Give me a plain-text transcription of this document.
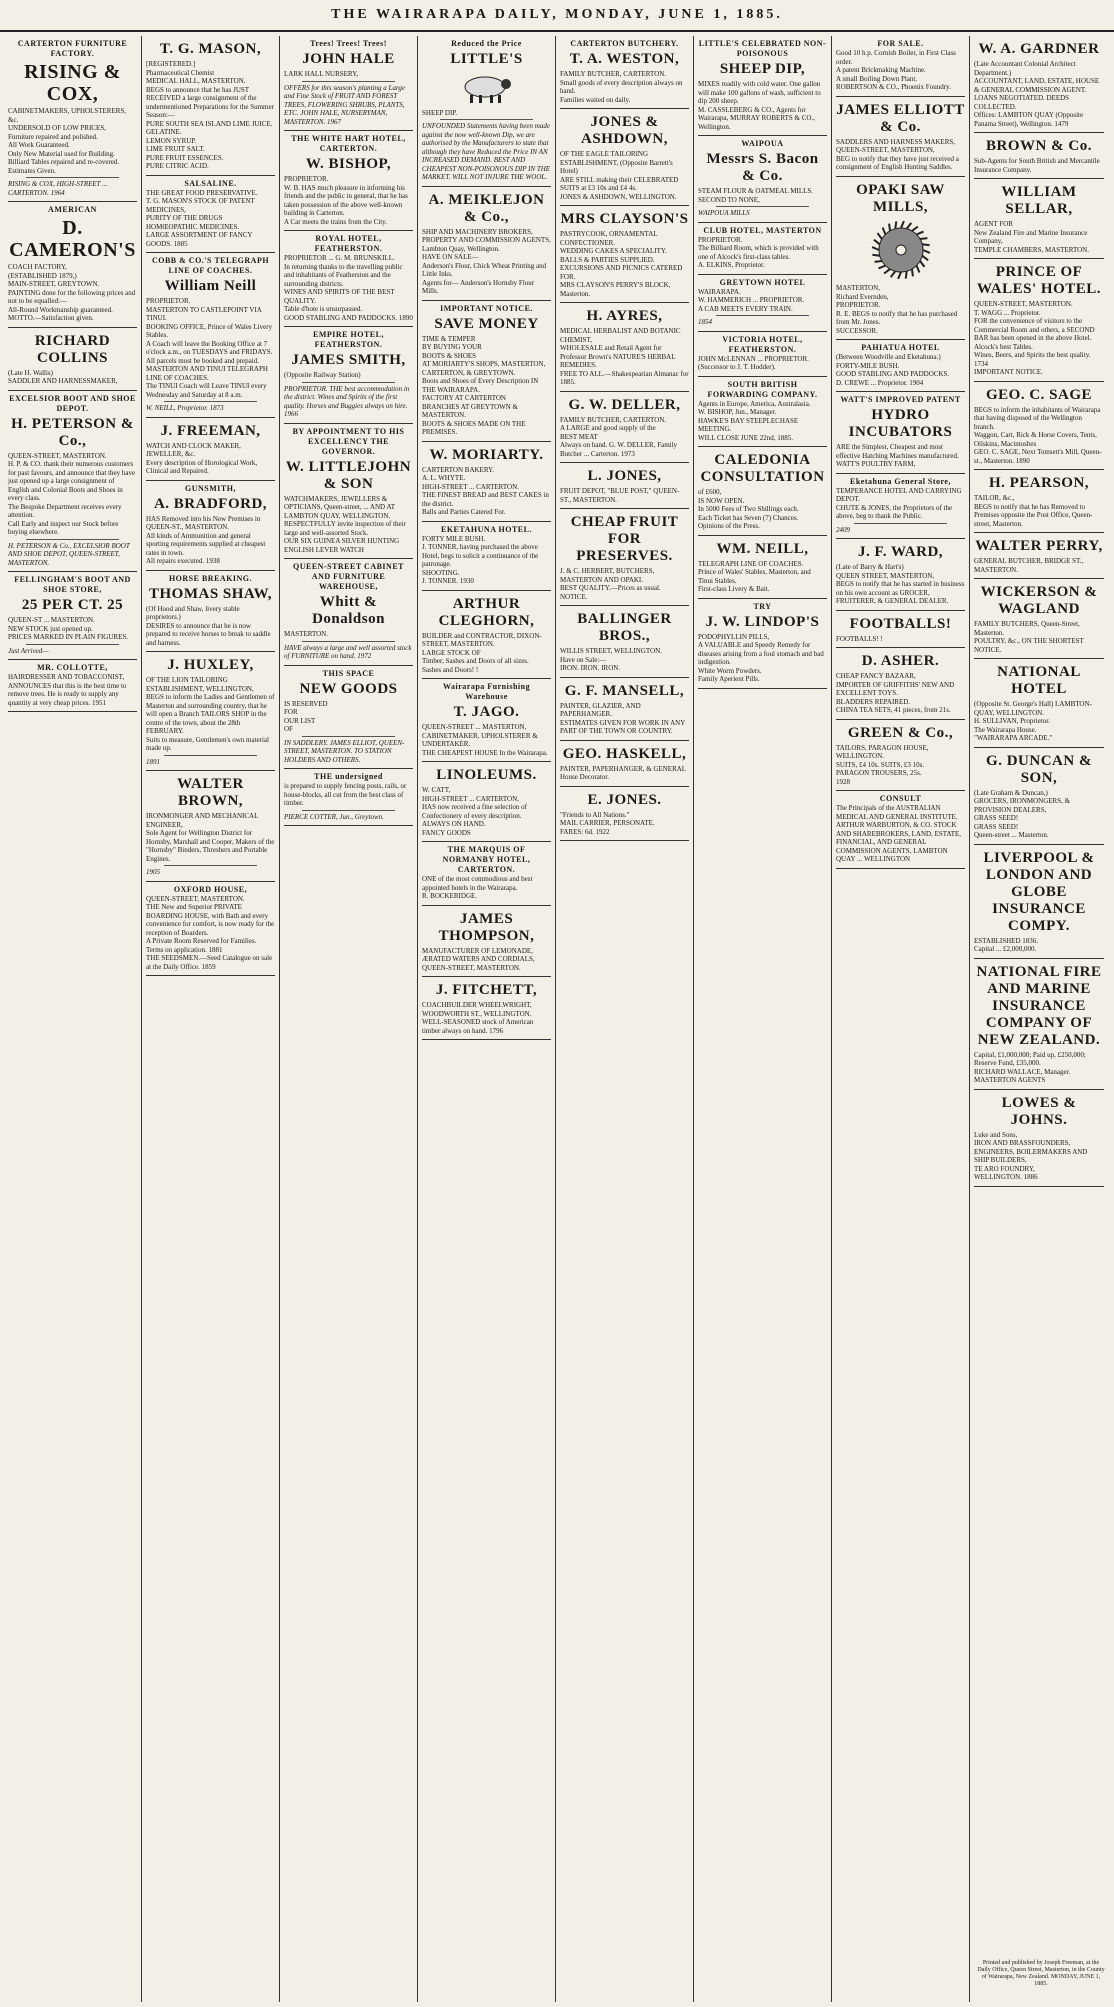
THE WAIRARAPA DAILY, MONDAY, JUNE 1, 1885.
CARTERTON FURNITURE FACTORY.
RISING & COX,
CABINETMAKERS, UPHOLSTERERS, &c.
UNDERSOLD OF LOW PRICES,
Furniture repaired and polished.
All Work Guaranteed.
Only New Material used for Building.
Billiard Tables repaired and re-covered.
Estimates Given.
RISING & COX, HIGH-STREET ... CARTERTON. 1964
AMERICAN
D. CAMERON'S
COACH FACTORY,
(ESTABLISHED 1879,)
MAIN-STREET, GREYTOWN.
PAINTING done for the following prices and not to be equalled:—
All-Round Workmanship guaranteed.
MOTTO.—Satisfaction given.
RICHARD COLLINS
(Late H. Wallis)
SADDLER AND HARNESSMAKER,
EXCELSIOR BOOT AND SHOE DEPOT.
H. PETERSON & Co.,
QUEEN-STREET, MASTERTON.
H. P. & CO. thank their numerous customers for past favours, and announce that they have just opened up a large consignment of English and Colonial Boots and Shoes in every class.
The Bespoke Department receives every attention.
Call Early and inspect our Stock before buying elsewhere.
H. PETERSON & Co., EXCELSIOR BOOT AND SHOE DEPOT, QUEEN-STREET, MASTERTON.
FELLINGHAM'S BOOT AND SHOE STORE,
25 PER CT. 25
QUEEN-ST ... MASTERTON.
NEW STOCK just opened up.
PRICES MARKED IN PLAIN FIGURES.
Just Arrived—
MR. COLLOTTE,
HAIRDRESSER AND TOBACCONIST,
ANNOUNCES that this is the best time to remove trees. He is ready to supply any quantity at very cheap prices. 1951
T. G. MASON,
[REGISTERED.]
Pharmaceutical Chemist
MEDICAL HALL, MASTERTON.
BEGS to announce that he has JUST RECEIVED a large consignment of the undermentioned Preparations for the Summer Season:—
PURE SOUTH SEA ISLAND LIME JUICE.
GELATINE.
LEMON SYRUP.
LIME FRUIT SALT.
PURE FRUIT ESSENCES.
PURE CITRIC ACID.
SALSALINE.
THE GREAT FOOD PRESERVATIVE.
T. G. MASON'S STOCK OF PATENT MEDICINES,
PURITY OF THE DRUGS
HOMŒOPATHIC MEDICINES.
LARGE ASSORTMENT OF FANCY GOODS. 1885
COBB & CO.'S TELEGRAPH LINE OF COACHES.
William Neill
PROPRIETOR.
MASTERTON TO CASTLEPOINT VIA TINUI.
BOOKING OFFICE, Prince of Wales Livery Stables.
A Coach will leave the Booking Office at 7 o'clock a.m., on TUESDAYS and FRIDAYS.
All parcels must be booked and prepaid.
MASTERTON AND TINUI TELEGRAPH LINE OF COACHES.
The TINUI Coach will Leave TINUI every Wednesday and Saturday at 8 a.m.
W. NEILL, Proprietor. 1873
J. FREEMAN,
WATCH AND CLOCK MAKER, JEWELLER, &c.
Every description of Horological Work, Clinical and Repaired.
GUNSMITH,
A. BRADFORD,
HAS Removed into his New Premises in QUEEN-ST., MASTERTON.
All kinds of Ammunition and general sporting requirements supplied at cheapest rates in town.
All repairs executed. 1938
HORSE BREAKING.
THOMAS SHAW,
(Of Hood and Shaw, livery stable proprietors.)
DESIRES to announce that he is now prepared to receive horses to break to saddle and harness.
J. HUXLEY,
OF THE LION TAILORING ESTABLISHMENT, WELLINGTON,
BEGS to inform the Ladies and Gentlemen of Masterton and surrounding country, that he will open a Branch TAILORS SHOP in the centre of the town, about the 28th FEBRUARY.
Suits to measure, Gentlemen's own material made up.
1891
WALTER BROWN,
IRONMONGER AND MECHANICAL ENGINEER,
Sole Agent for Wellington District for Hornsby, Marshall and Cooper, Makers of the "Hornsby" Binders, Threshers and Portable Engines.
1905
OXFORD HOUSE,
QUEEN-STREET, MASTERTON.
THE New and Superior PRIVATE BOARDING HOUSE, with Bath and every convenience for comfort, is now ready for the reception of Boarders.
A Private Room Reserved for Families.
Terms on application. 1881
THE SEEDSMEN.—Seed Catalogue on sale at the Daily Office. 1859
Trees! Trees! Trees!
JOHN HALE
LARK HALL NURSERY,
OFFERS for this season's planting a Large and Fine Stock of FRUIT AND FOREST TREES, FLOWERING SHRUBS, PLANTS, ETC. JOHN HALE, NURSERYMAN, MASTERTON. 1967
THE WHITE HART HOTEL, CARTERTON.
W. BISHOP,
PROPRIETOR.
W. B. HAS much pleasure in informing his friends and the public in general, that he has taken possession of the above well-known building in Carterton.
A Car meets the trains from the City.
ROYAL HOTEL, FEATHERSTON.
PROPRIETOR ... G. M. BRUNSKILL.
In returning thanks to the travelling public and inhabitants of Featherston and the surrounding districts.
WINES AND SPIRITS OF THE BEST QUALITY.
Table d'hote is unsurpassed.
GOOD STABLING AND PADDOCKS. 1890
EMPIRE HOTEL, FEATHERSTON.
JAMES SMITH,
(Opposite Railway Station)
PROPRIETOR. THE best accommodation in the district. Wines and Spirits of the first quality. Horses and Buggies always on hire. 1966
BY APPOINTMENT TO HIS EXCELLENCY THE GOVERNOR.
W. LITTLEJOHN & SON
WATCHMAKERS, JEWELLERS & OPTICIANS, Queen-street, ... AND AT LAMBTON QUAY, WELLINGTON.
RESPECTFULLY invite inspection of their large and well-assorted Stock.
OUR SIX GUINEA SILVER HUNTING ENGLISH LEVER WATCH
QUEEN-STREET CABINET AND FURNITURE WAREHOUSE,
Whitt & Donaldson
MASTERTON.
HAVE always a large and well assorted stock of FURNITURE on hand. 1972
THIS SPACE
NEW GOODS
IS RESERVED
FOR
OUR LIST
OF
IN SADDLERY. JAMES ELLIOT, QUEEN-STREET, MASTERTON. TO STATION HOLDERS AND OTHERS.
THE undersigned
is prepared to supply fencing posts, rails, or house-blocks, all cut from the best class of timber.
PIERCE COTTER, Jun., Greytown.
Reduced the Price
LITTLE'S
SHEEP DIP.
UNFOUNDED Statements having been made against the now well-known Dip, we are authorised by the Manufacturers to state that although they have Reduced the Price IN AN INCREASED DEMAND. BEST AND CHEAPEST NON-POISONOUS DIP IN THE MARKET. WILL NOT INJURE THE WOOL.
A. MEIKLEJON & Co.,
SHIP AND MACHINERY BROKERS, PROPERTY AND COMMISSION AGENTS, Lambton Quay, Wellington.
HAVE ON SALE—
Anderson's Flour, Chick Wheat Printing and Little Inks.
Agents for— Anderson's Hornsby Flour Mills.
IMPORTANT NOTICE.
SAVE MONEY
TIME & TEMPER
BY BUYING YOUR
BOOTS & SHOES
AT MORIARTY'S SHOPS, MASTERTON, CARTERTON, & GREYTOWN.
Boots and Shoes of Every Description IN THE WAIRARAPA.
FACTORY AT CARTERTON
BRANCHES AT GREYTOWN & MASTERTON.
BOOTS & SHOES MADE ON THE PREMISES.
W. MORIARTY.
CARTERTON BAKERY.
A. L. WHYTE.
HIGH-STREET ... CARTERTON.
THE FINEST BREAD and BEST CAKES in the district.
Balls and Parties Catered For.
EKETAHUNA HOTEL.
FORTY MILE BUSH.
J. TONNER, having purchased the above Hotel, begs to solicit a continuance of the patronage.
SHOOTING.
J. TONNER. 1930
ARTHUR CLEGHORN,
BUILDER and CONTRACTOR, DIXON-STREET, MASTERTON.
LARGE STOCK OF
Timber, Sashes and Doors of all sizes.
Sashes and Doors! !
Wairarapa Furnishing Warehouse
T. JAGO.
QUEEN-STREET ... MASTERTON,
CABINETMAKER, UPHOLSTERER & UNDERTAKER.
THE CHEAPEST HOUSE In the Wairarapa.
LINOLEUMS.
W. CATT,
HIGH-STREET ... CARTERTON,
HAS now received a fine selection of
Confectionery of every description.
ALWAYS ON HAND.
FANCY GOODS
THE MARQUIS OF NORMANBY HOTEL, CARTERTON.
ONE of the most commodious and best appointed hotels in the Wairarapa.
R. BOCKERIDGE.
JAMES THOMPSON,
MANUFACTURER OF LEMONADE, ÆRATED WATERS AND CORDIALS, QUEEN-STREET, MASTERTON.
J. FITCHETT,
COACHBUILDER WHEELWRIGHT, WOODWORTH ST., WELLINGTON.
WELL-SEASONED stock of American timber always on hand. 1796
CARTERTON BUTCHERY.
T. A. WESTON,
FAMILY BUTCHER, CARTERTON.
Small goods of every description always on hand.
Families waited on daily.
JONES & ASHDOWN,
OF THE EAGLE TAILORING ESTABLISHMENT, (Opposite Barrett's Hotel)
ARE STILL making their CELEBRATED SUITS at £3 10s and £4 4s.
JONES & ASHDOWN, WELLINGTON.
MRS CLAYSON'S
PASTRYCOOK, ORNAMENTAL CONFECTIONER.
WEDDING CAKES A SPECIALITY.
BALLS & PARTIES SUPPLIED.
EXCURSIONS AND PICNICS CATERED FOR.
MRS CLAYSON'S PERRY'S BLOCK, Masterton.
H. AYRES,
MEDICAL HERBALIST AND BOTANIC CHEMIST,
WHOLESALE and Retail Agent for Professor Brown's NATURE'S HERBAL REMEDIES.
FREE TO ALL.—Shakespearian Almanac for 1885.
G. W. DELLER,
FAMILY BUTCHER, CARTERTON.
A LARGE and good supply of the
BEST MEAT
Always on hand. G. W. DELLER, Family Butcher ... Carterton. 1973
L. JONES,
FRUIT DEPOT, "BLUE POST," QUEEN-ST., MASTERTON.
CHEAP FRUIT FOR PRESERVES.
J. & C. HERBERT, BUTCHERS, MASTERTON AND OPAKI.
BEST QUALITY.—Prices as usual.
NOTICE.
BALLINGER BROS.,
WILLIS STREET, WELLINGTON.
Have on Sale:—
IRON. IRON. IRON.
G. F. MANSELL,
PAINTER, GLAZIER, AND PAPERHANGER.
ESTIMATES GIVEN FOR WORK IN ANY PART OF THE TOWN OR COUNTRY.
GEO. HASKELL,
PAINTER, PAPERHANGER, & GENERAL House Decorator.
E. JONES.
"Friends to All Nations."
MAIL CARRIER, PERSONATE.
FARES: 6d. 1922
LITTLE'S CELEBRATED NON-POISONOUS
SHEEP DIP,
MIXES readily with cold water. One gallon will make 100 gallons of wash, sufficient to dip 200 sheep.
M. CASSLEBERG & CO., Agents for Wairarapa, MURRAY ROBERTS & CO., Wellington.
WAIPOUA
Messrs S. Bacon & Co.
STEAM FLOUR & OATMEAL MILLS.
SECOND TO NONE,
WAIPOUA MILLS
CLUB HOTEL, MASTERTON
PROPRIETOR.
The Billiard Room, which is provided with one of Alcock's first-class tables.
A. ELKINS, Proprietor.
GREYTOWN HOTEL
WAIRARAPA.
W. HAMMERICH ... PROPRIETOR.
A CAB MEETS EVERY TRAIN.
1854
VICTORIA HOTEL, FEATHERSTON.
JOHN McLENNAN ... PROPRIETOR.
(Successor to J. T. Hodder).
SOUTH BRITISH FORWARDING COMPANY.
Agents in Europe, America, Australasia.
W. BISHOP, Jun., Manager.
HAWKE'S BAY STEEPLECHASE MEETING.
WILL CLOSE JUNE 22nd, 1885.
CALEDONIA CONSULTATION
of £600,
IS NOW OPEN.
In 5000 Fees of Two Shillings each.
Each Ticket has Seven (7) Chances.
Opinions of the Press.
WM. NEILL,
TELEGRAPH LINE OF COACHES.
Prince of Wales' Stables, Masterton, and Tinui Stables.
First-class Livery & Bait.
TRY
J. W. LINDOP'S
PODOPHYLLIN PILLS,
A VALUABLE and Speedy Remedy for diseases arising from a foul stomach and bad indigestion.
White Worm Powders.
Family Aperient Pills.
FOR SALE.
Good 10 h.p. Cornish Boiler, in First Class order.
A patent Brickmaking Machine.
A small Boiling Down Plant.
ROBERTSON & CO., Phoenix Foundry.
JAMES ELLIOTT & Co.
SADDLERS AND HARNESS MAKERS, QUEEN-STREET, MASTERTON,
BEG to notify that they have just received a consignment of English Hunting Saddles.
OPAKI SAW MILLS,
MASTERTON,
Richard Evernden,
PROPRIETOR.
R. E. BEGS to notify that he has purchased from Mr. Jones.
SUCCESSOR.
PAHIATUA HOTEL
(Between Woodville and Eketahuna.) FORTY-MILE BUSH.
GOOD STABLING AND PADDOCKS.
D. CREWE ... Proprietor. 1904
WATT'S IMPROVED PATENT
HYDRO INCUBATORS
ARE the Simplest, Cheapest and most effective Hatching Machines manufactured.
WATT'S POULTRY FARM,
Eketahuna General Store,
TEMPERANCE HOTEL AND CARRYING DEPOT.
CHUTE & JONES, the Proprietors of the above, beg to thank the Public.
2409
J. F. WARD,
(Late of Barry & Hart's)
QUEEN STREET, MASTERTON,
BEGS to notify that he has started in business on his own account as GROCER, FRUITERER, & GENERAL DEALER.
FOOTBALLS!
FOOTBALLS! !
D. ASHER.
CHEAP FANCY BAZAAR,
IMPORTER OF GRIFFITHS' NEW AND EXCELLENT TOYS.
BLADDERS REPAIRED.
CHINA TEA SETS, 41 pieces, from 21s.
GREEN & Co.,
TAILORS, PARAGON HOUSE, WELLINGTON.
SUITS, £4 10s. SUITS, £3 10s.
PARAGON TROUSERS, 25s.
1928
CONSULT
The Principals of the AUSTRALIAN MEDICAL AND GENERAL INSTITUTE.
ARTHUR WARBURTON, & CO. STOCK AND SHAREBROKERS, LAND, ESTATE, FINANCIAL, AND GENERAL COMMISSION AGENTS, LAMBTON QUAY ... WELLINGTON
W. A. GARDNER
(Late Accountant Colonial Architect Department.)
ACCOUNTANT, LAND, ESTATE, HOUSE & GENERAL COMMISSION AGENT.
LOANS NEGOTIATED. DEEDS COLLECTED.
Offices: LAMBTON QUAY (Opposite Panama Street), Wellington. 1479
BROWN & Co.
Sub-Agents for South British and Mercantile Insurance Company.
WILLIAM SELLAR,
AGENT FOR
New Zealand Fire and Marine Insurance Company,
TEMPLE CHAMBERS, MASTERTON.
PRINCE OF WALES' HOTEL.
QUEEN-STREET, MASTERTON.
T. WAGG ... Proprietor.
FOR the convenience of visitors to the Commercial Room and others, a SECOND BAR has been opened in the above Hotel.
Alcock's best Tables.
Wines, Beers, and Spirits the best quality. 1734
IMPORTANT NOTICE.
GEO. C. SAGE
BEGS to inform the inhabitants of Wairarapa that having disposed of the Wellington branch.
Waggon, Cart, Rick & Horse Covers, Tents, Oilskins, Macintoshes
GEO. C. SAGE, Next Tomsett's Mill, Queen-st., Masterton. 1890
H. PEARSON,
TAILOR, &c.,
BEGS to notify that he has Removed to Premises opposite the Post Office, Queen-street, Masterton.
WALTER PERRY,
GENERAL BUTCHER, BRIDGE ST., MASTERTON.
WICKERSON & WAGLAND
FAMILY BUTCHERS, Queen-Street, Masterton.
POULTRY, &c., ON THE SHORTEST NOTICE.
NATIONAL HOTEL
(Opposite St. George's Hall) LAMBTON-QUAY, WELLINGTON.
H. SULLIVAN, Proprietor.
The Wairarapa House.
"WAIRARAPA ARCADE."
G. DUNCAN & SON,
(Late Graham & Duncan,)
GROCERS, IRONMONGERS, & PROVISION DEALERS,
GRASS SEED!
GRASS SEED!
Queen-street ... Masterton.
LIVERPOOL & LONDON AND GLOBE INSURANCE COMPY.
ESTABLISHED 1836.
Capital ... £2,000,000.
NATIONAL FIRE AND MARINE INSURANCE COMPANY OF NEW ZEALAND.
Capital, £1,000,000; Paid up, £250,000; Reserve Fund, £35,000.
RICHARD WALLACE, Manager.
MASTERTON AGENTS
LOWES & JOHNS.
Luke and Sons,
IRON AND BRASSFOUNDERS, ENGINEERS, BOILERMAKERS AND SHIP BUILDERS,
TE ARO FOUNDRY,
WELLINGTON. 1886
Printed and published by Joseph Freeman, at the Daily Office, Queen Street, Masterton, in the County of Wairarapa, New Zealand. MONDAY, JUNE 1, 1885.
